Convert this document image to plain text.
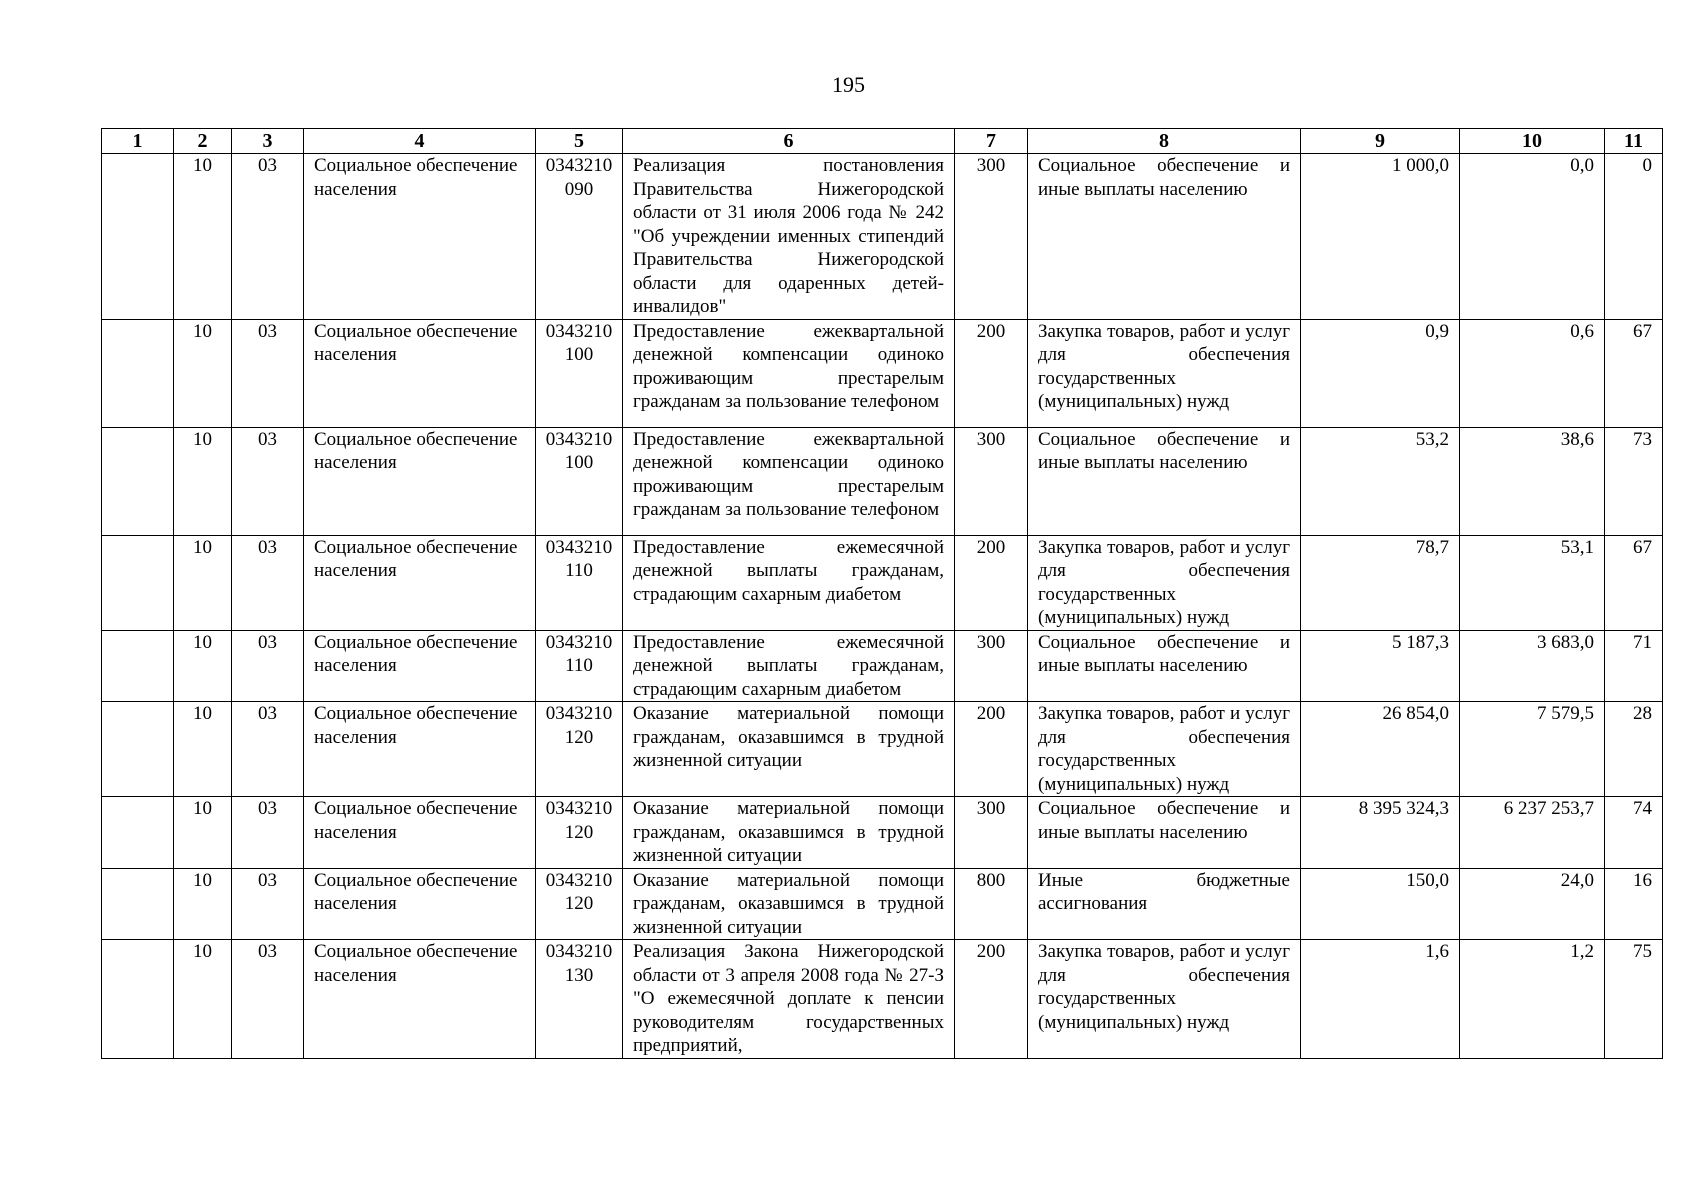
195
1	2	3	4	5	6	7	8	9	10	11
	10	03	Социальное обеспечение населения	0343210090	Реализация постановления Правительства Нижегородской области от 31 июля 2006 года № 242 "Об учреждении именных стипендий Правительства Нижегородской области для одаренных детей-инвалидов"	300	Социальное обеспечение и иные выплаты населению	1 000,0	0,0	0
	10	03	Социальное обеспечение населения	0343210100	Предоставление ежеквартальной денежной компенсации одиноко проживающим престарелым гражданам за пользование телефоном	200	Закупка товаров, работ и услуг для обеспечения государственных (муниципальных) нужд	0,9	0,6	67
	10	03	Социальное обеспечение населения	0343210100	Предоставление ежеквартальной денежной компенсации одиноко проживающим престарелым гражданам за пользование телефоном	300	Социальное обеспечение и иные выплаты населению	53,2	38,6	73
	10	03	Социальное обеспечение населения	0343210110	Предоставление ежемесячной денежной выплаты гражданам, страдающим сахарным диабетом	200	Закупка товаров, работ и услуг для обеспечения государственных (муниципальных) нужд	78,7	53,1	67
	10	03	Социальное обеспечение населения	0343210110	Предоставление ежемесячной денежной выплаты гражданам, страдающим сахарным диабетом	300	Социальное обеспечение и иные выплаты населению	5 187,3	3 683,0	71
	10	03	Социальное обеспечение населения	0343210120	Оказание материальной помощи гражданам, оказавшимся в трудной жизненной ситуации	200	Закупка товаров, работ и услуг для обеспечения государственных (муниципальных) нужд	26 854,0	7 579,5	28
	10	03	Социальное обеспечение населения	0343210120	Оказание материальной помощи гражданам, оказавшимся в трудной жизненной ситуации	300	Социальное обеспечение и иные выплаты населению	8 395 324,3	6 237 253,7	74
	10	03	Социальное обеспечение населения	0343210120	Оказание материальной помощи гражданам, оказавшимся в трудной жизненной ситуации	800	Иные бюджетные ассигнования	150,0	24,0	16
	10	03	Социальное обеспечение населения	0343210130	Реализация Закона Нижегородской области от 3 апреля 2008 года № 27-З "О ежемесячной доплате к пенсии руководителям государственных предприятий,	200	Закупка товаров, работ и услуг для обеспечения государственных (муниципальных) нужд	1,6	1,2	75
